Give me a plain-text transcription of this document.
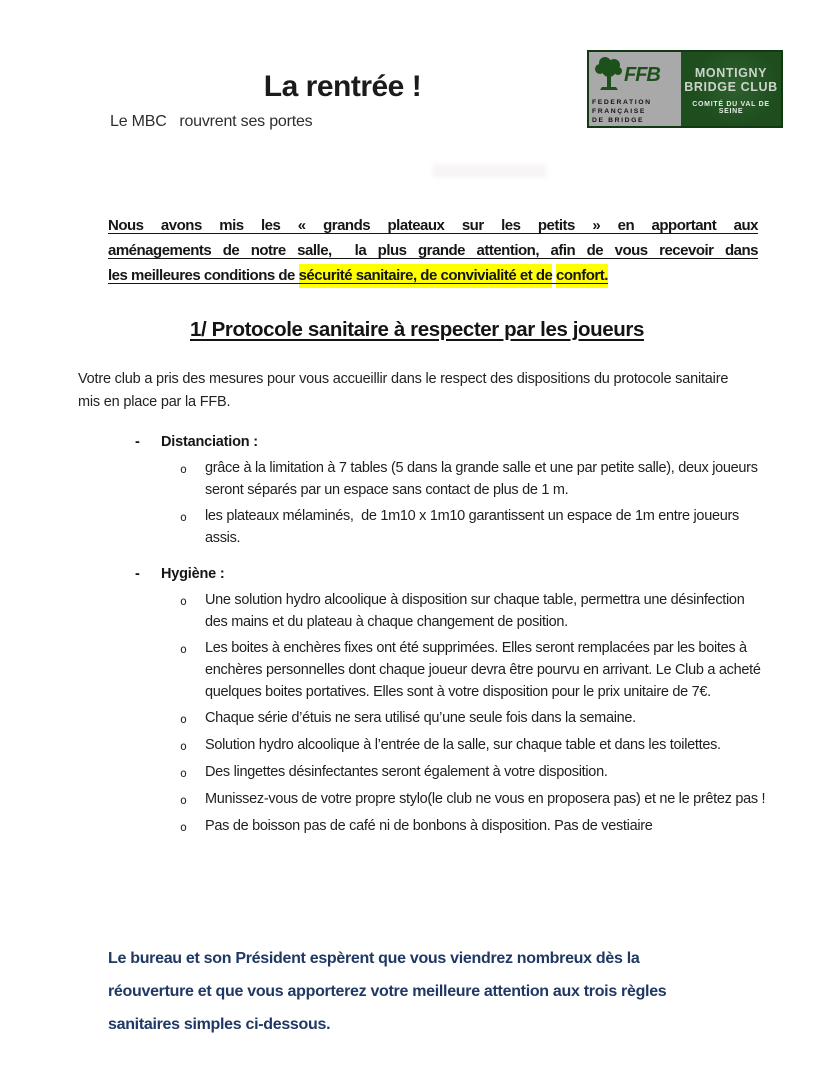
La rentrée !
Le MBC   rouvrent ses portes
FFB
FEDERATION
FRANÇAISE
DE BRIDGE
MONTIGNY
BRIDGE CLUB
COMITÉ DU VAL DE SEINE
Nous avons mis les « grands plateaux sur les petits » en apportant aux
aménagements de notre salle,  la plus grande attention, afin de vous recevoir dans
les meilleures conditions de sécurité sanitaire, de convivialité et de confort.
1/ Protocole sanitaire à respecter par les joueurs
Votre club a pris des mesures pour vous accueillir dans le respect des dispositions du protocole sanitaire
mis en place par la FFB.
-	Distanciation :
o	grâce à la limitation à 7 tables (5 dans la grande salle et une par petite salle), deux joueurs seront séparés par un espace sans contact de plus de 1 m.
o	les plateaux mélaminés,  de 1m10 x 1m10 garantissent un espace de 1m entre joueurs assis.
-	Hygiène :
o	Une solution hydro alcoolique à disposition sur chaque table, permettra une désinfection des mains et du plateau à chaque changement de position.
o	Les boites à enchères fixes ont été supprimées. Elles seront remplacées par les boites à enchères personnelles dont chaque joueur devra être pourvu en arrivant. Le Club a acheté quelques boites portatives. Elles sont à votre disposition pour le prix unitaire de 7€.
o	Chaque série d’étuis ne sera utilisé qu’une seule fois dans la semaine.
o	Solution hydro alcoolique à l’entrée de la salle, sur chaque table et dans les toilettes.
o	Des lingettes désinfectantes seront également à votre disposition.
o	Munissez-vous de votre propre stylo(le club ne vous en proposera pas) et ne le prêtez pas !
o	Pas de boisson pas de café ni de bonbons à disposition. Pas de vestiaire
Le bureau et son Président espèrent que vous viendrez nombreux dès la
réouverture et que vous apporterez votre meilleure attention aux trois règles
sanitaires simples ci-dessous.
